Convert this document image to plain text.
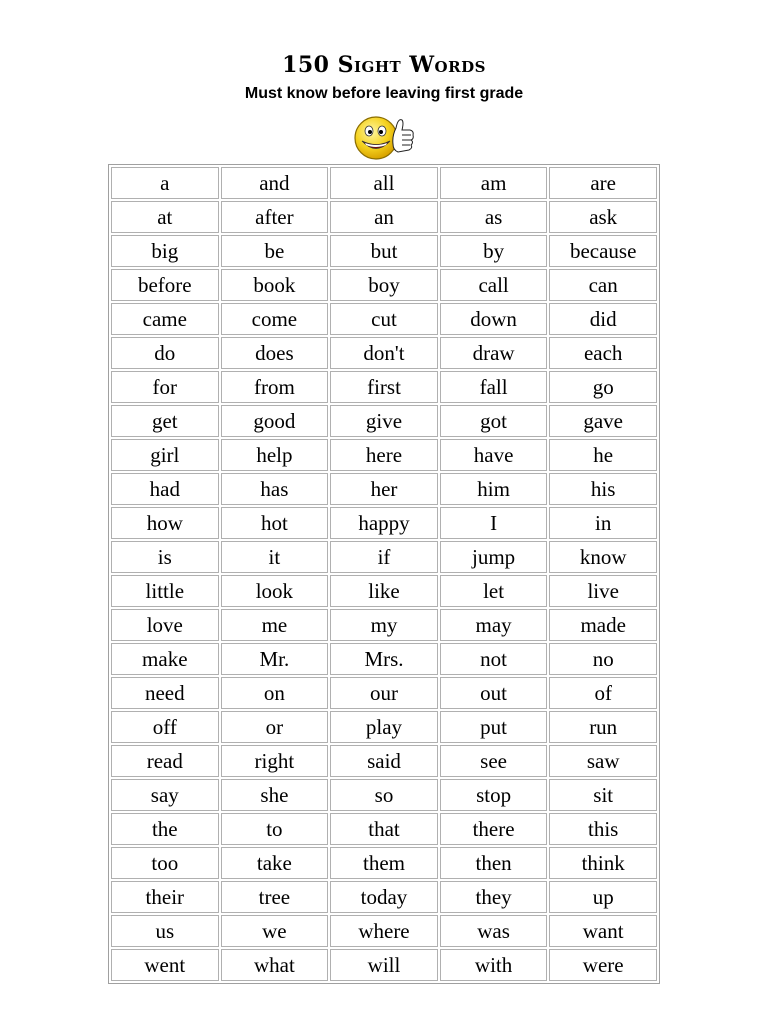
150 Sight Words
Must know before leaving first grade
a	and	all	am	are
at	after	an	as	ask
big	be	but	by	because
before	book	boy	call	can
came	come	cut	down	did
do	does	don't	draw	each
for	from	first	fall	go
get	good	give	got	gave
girl	help	here	have	he
had	has	her	him	his
how	hot	happy	I	in
is	it	if	jump	know
little	look	like	let	live
love	me	my	may	made
make	Mr.	Mrs.	not	no
need	on	our	out	of
off	or	play	put	run
read	right	said	see	saw
say	she	so	stop	sit
the	to	that	there	this
too	take	them	then	think
their	tree	today	they	up
us	we	where	was	want
went	what	will	with	were
